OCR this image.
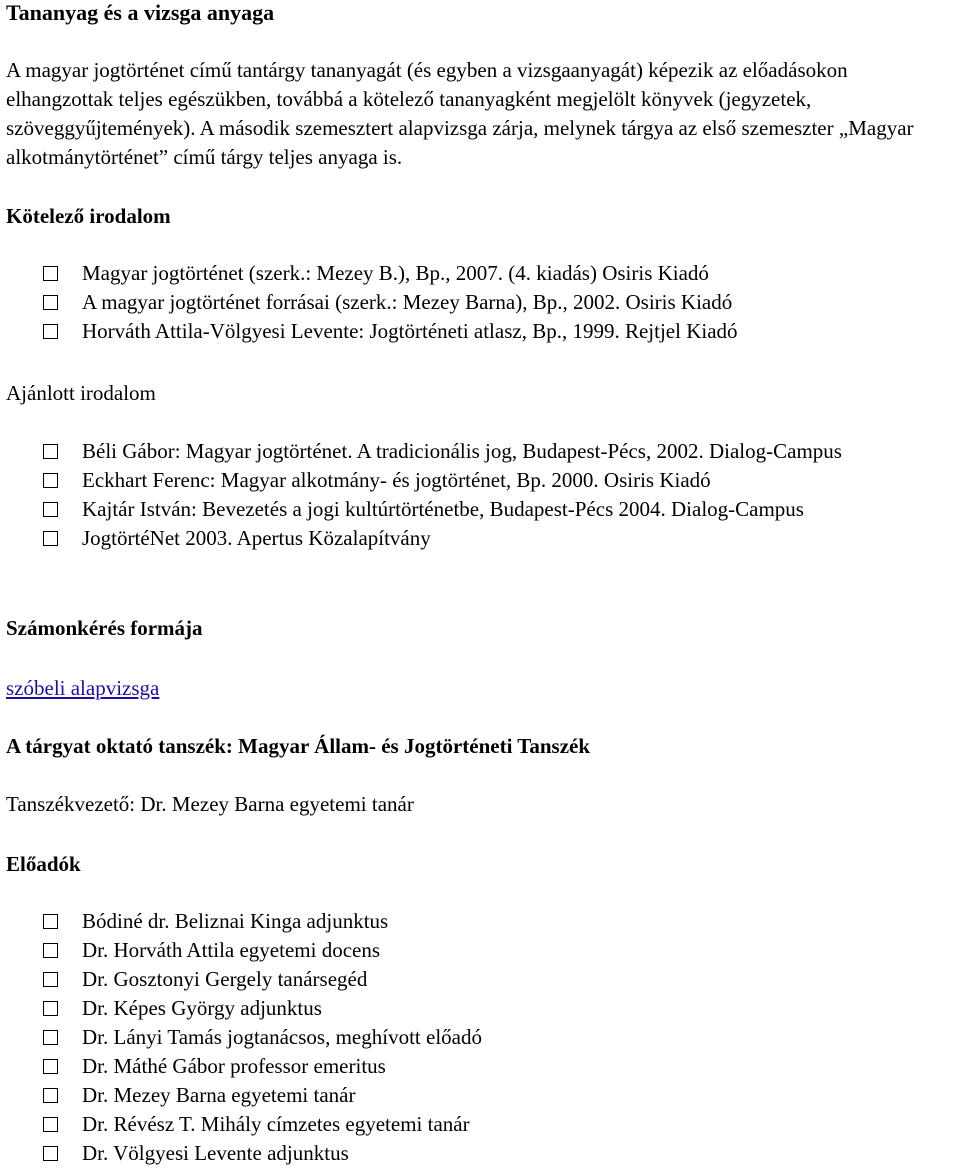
Tananyag és a vizsga anyaga

A magyar jogtörténet című tantárgy tananyagát (és egyben a vizsgaanyagát) képezik az előadásokon elhangzottak teljes egészükben, továbbá a kötelező tananyagként megjelölt könyvek (jegyzetek, szöveggyűjtemények). A második szemesztert alapvizsga zárja, melynek tárgya az első szemeszter „Magyar alkotmánytörténet” című tárgy teljes anyaga is.

Kötelező irodalom
Magyar jogtörténet (szerk.: Mezey B.), Bp., 2007. (4. kiadás) Osiris Kiadó
A magyar jogtörténet forrásai (szerk.: Mezey Barna), Bp., 2002. Osiris Kiadó
Horváth Attila-Völgyesi Levente: Jogtörténeti atlasz, Bp., 1999. Rejtjel Kiadó
Ajánlott irodalom
Béli Gábor: Magyar jogtörténet. A tradicionális jog, Budapest-Pécs, 2002. Dialog-Campus
Eckhart Ferenc: Magyar alkotmány- és jogtörténet, Bp. 2000. Osiris Kiadó
Kajtár István: Bevezetés a jogi kultúrtörténetbe, Budapest-Pécs 2004. Dialog-Campus
JogtörtéNet 2003. Apertus Közalapítvány
Számonkérés formája
szóbeli alapvizsga

A tárgyat oktató tanszék: Magyar Állam- és Jogtörténeti Tanszék

Tanszékvezető: Dr. Mezey Barna egyetemi tanár

Előadók
Bódiné dr. Beliznai Kinga adjunktus
Dr. Horváth Attila egyetemi docens
Dr. Gosztonyi Gergely tanársegéd
Dr. Képes György adjunktus
Dr. Lányi Tamás jogtanácsos, meghívott előadó
Dr. Máthé Gábor professor emeritus
Dr. Mezey Barna egyetemi tanár
Dr. Révész T. Mihály címzetes egyetemi tanár
Dr. Völgyesi Levente adjunktus
